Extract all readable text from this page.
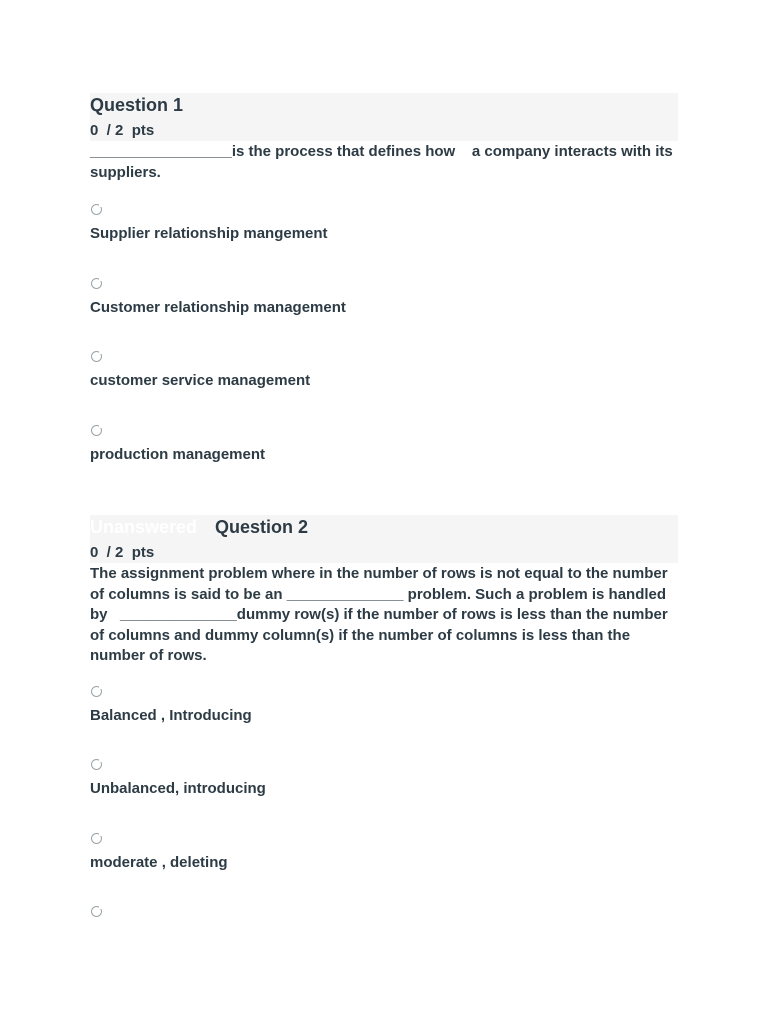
Question 1
0  / 2  pts
_________________is the process that defines how    a company interacts with its suppliers.
Supplier relationship mangement
Customer relationship management
customer service management
production management
Unanswered Question 2
0  / 2  pts
The assignment problem where in the number of rows is not equal to the number of columns is said to be an ______________ problem. Such a problem is handled by   ______________dummy row(s) if the number of rows is less than the number of columns and dummy column(s) if the number of columns is less than the number of rows.
Balanced , Introducing
Unbalanced, introducing
moderate , deleting
